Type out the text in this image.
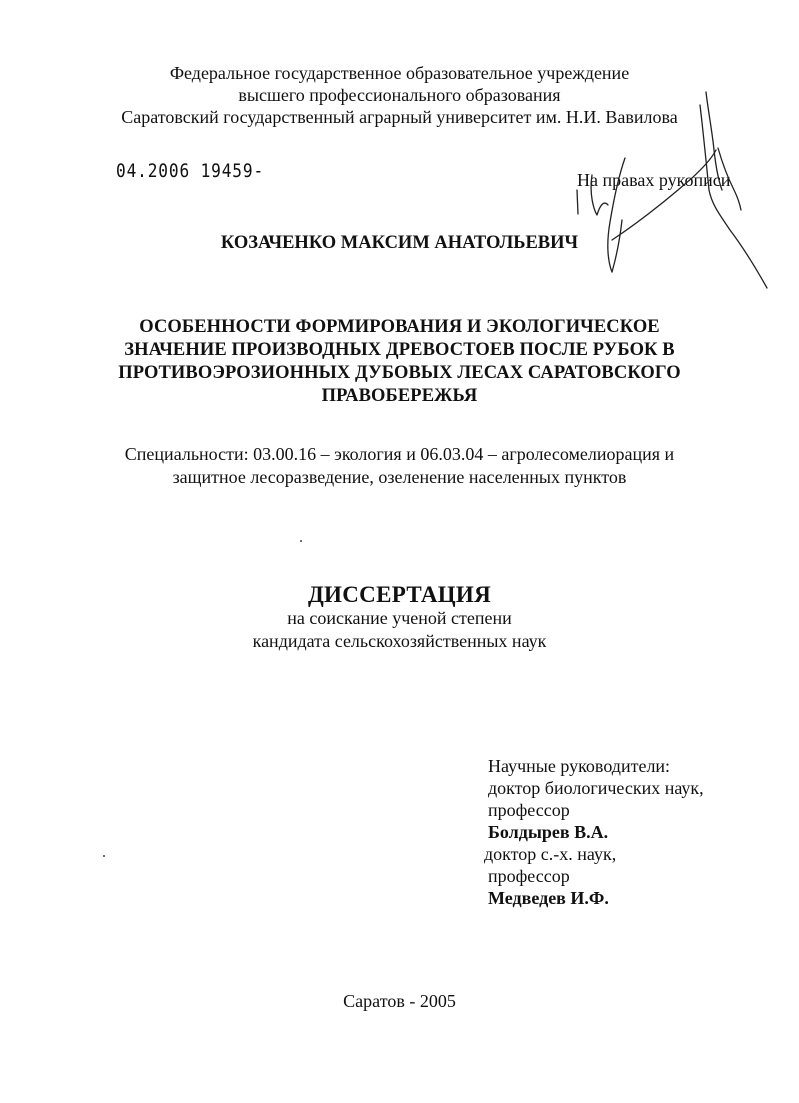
Федеральное государственное образовательное учреждение
высшего профессионального образования
Саратовский государственный аграрный университет им. Н.И. Вавилова
04.2006 19459-	На правах рукописи
КОЗАЧЕНКО МАКСИМ АНАТОЛЬЕВИЧ
ОСОБЕННОСТИ ФОРМИРОВАНИЯ И ЭКОЛОГИЧЕСКОЕ
ЗНАЧЕНИЕ ПРОИЗВОДНЫХ ДРЕВОСТОЕВ ПОСЛЕ РУБОК В
ПРОТИВОЭРОЗИОННЫХ ДУБОВЫХ ЛЕСАХ САРАТОВСКОГО
ПРАВОБЕРЕЖЬЯ
Специальности: 03.00.16 – экология и 06.03.04 – агролесомелиорация и
защитное лесоразведение, озеленение населенных пунктов
ДИССЕРТАЦИЯ
на соискание ученой степени
кандидата сельскохозяйственных наук
Научные руководители:
доктор биологических наук,
профессор
Болдырев В.А.
доктор с.-х. наук,
профессор
Медведев И.Ф.
Саратов - 2005
